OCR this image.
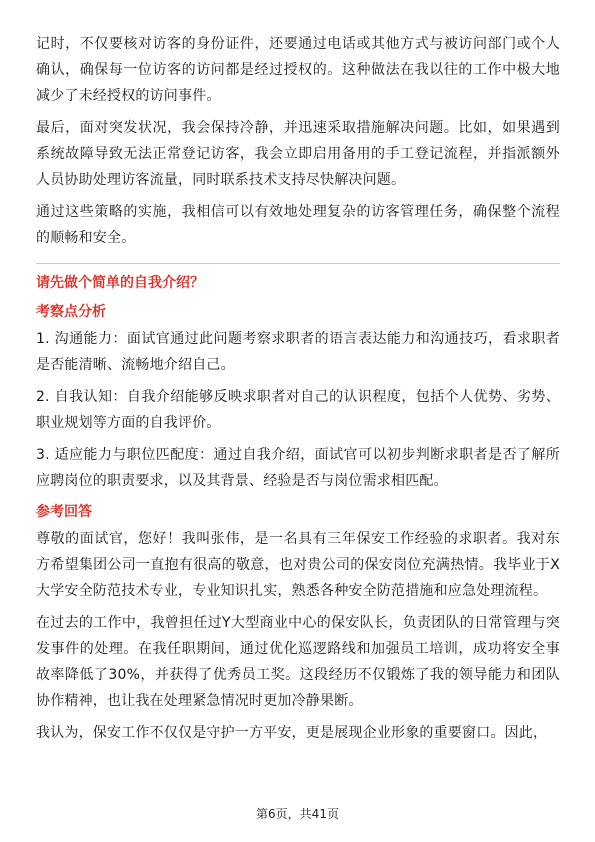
记时，不仅要核对访客的身份证件，还要通过电话或其他方式与被访问部门或个人确认，确保每一位访客的访问都是经过授权的。这种做法在我以往的工作中极大地减少了未经授权的访问事件。

最后，面对突发状况，我会保持冷静，并迅速采取措施解决问题。比如，如果遇到系统故障导致无法正常登记访客，我会立即启用备用的手工登记流程，并指派额外人员协助处理访客流量，同时联系技术支持尽快解决问题。

通过这些策略的实施，我相信可以有效地处理复杂的访客管理任务，确保整个流程的顺畅和安全。

请先做个简单的自我介绍？
考察点分析

1. 沟通能力：面试官通过此问题考察求职者的语言表达能力和沟通技巧，看求职者是否能清晰、流畅地介绍自己。

2. 自我认知：自我介绍能够反映求职者对自己的认识程度，包括个人优势、劣势、职业规划等方面的自我评价。

3. 适应能力与职位匹配度：通过自我介绍，面试官可以初步判断求职者是否了解所应聘岗位的职责要求，以及其背景、经验是否与岗位需求相匹配。

参考回答

尊敬的面试官，您好！我叫张伟，是一名具有三年保安工作经验的求职者。我对东方希望集团公司一直抱有很高的敬意，也对贵公司的保安岗位充满热情。我毕业于X大学安全防范技术专业，专业知识扎实，熟悉各种安全防范措施和应急处理流程。

在过去的工作中，我曾担任过Y大型商业中心的保安队长，负责团队的日常管理与突发事件的处理。在我任职期间，通过优化巡逻路线和加强员工培训，成功将安全事故率降低了30%，并获得了优秀员工奖。这段经历不仅锻炼了我的领导能力和团队协作精神，也让我在处理紧急情况时更加冷静果断。

我认为，保安工作不仅仅是守护一方平安，更是展现企业形象的重要窗口。因此，

第6页，共41页
